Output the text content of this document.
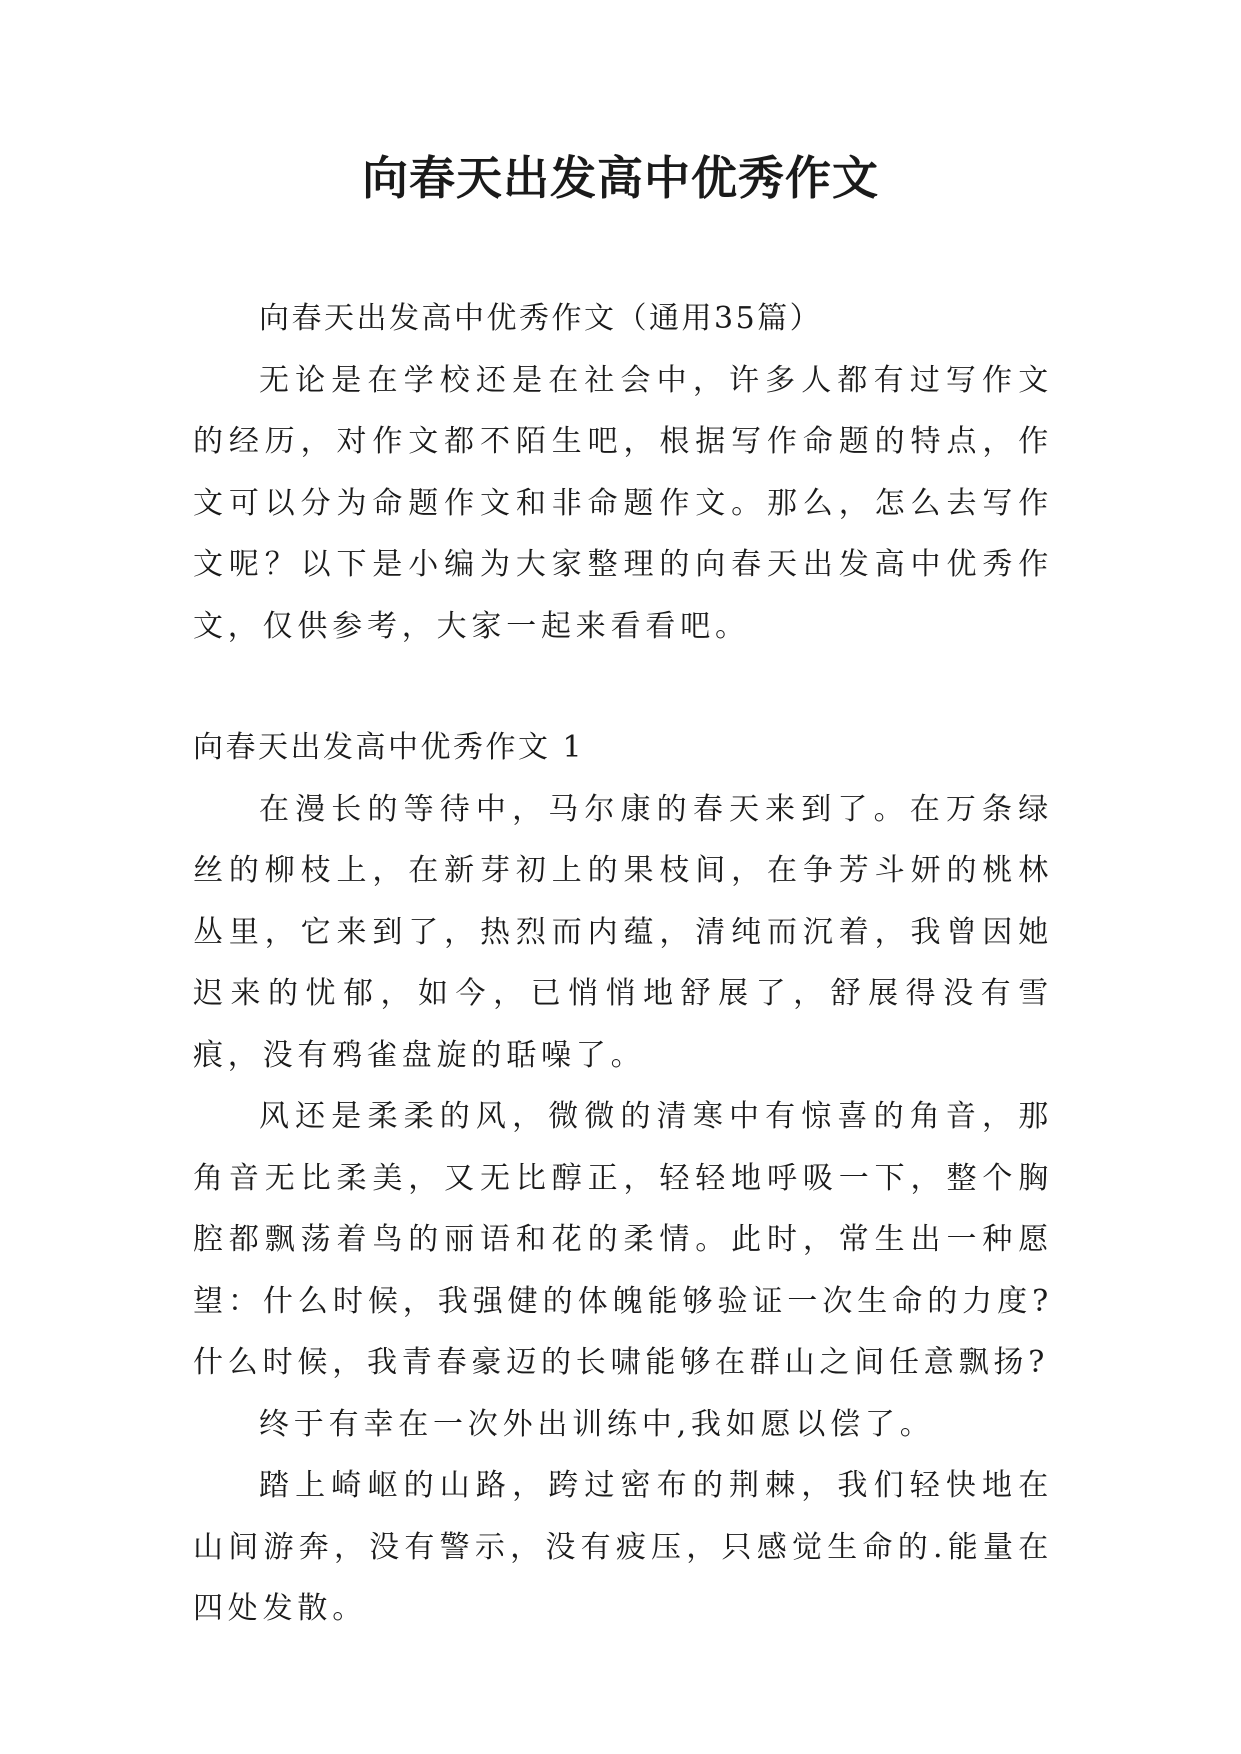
向春天出发高中优秀作文

向春天出发高中优秀作文（通用35篇）

无论是在学校还是在社会中，许多人都有过写作文的经历，对作文都不陌生吧，根据写作命题的特点，作文可以分为命题作文和非命题作文。那么，怎么去写作文呢？以下是小编为大家整理的向春天出发高中优秀作文，仅供参考，大家一起来看看吧。

向春天出发高中优秀作文 1

在漫长的等待中，马尔康的春天来到了。在万条绿丝的柳枝上，在新芽初上的果枝间，在争芳斗妍的桃林丛里，它来到了，热烈而内蕴，清纯而沉着，我曾因她迟来的忧郁，如今，已悄悄地舒展了，舒展得没有雪痕，没有鸦雀盘旋的聒噪了。

风还是柔柔的风，微微的清寒中有惊喜的角音，那角音无比柔美，又无比醇正，轻轻地呼吸一下，整个胸腔都飘荡着鸟的丽语和花的柔情。此时，常生出一种愿望：什么时候，我强健的体魄能够验证一次生命的力度?什么时候，我青春豪迈的长啸能够在群山之间任意飘扬?

终于有幸在一次外出训练中,我如愿以偿了。

踏上崎岖的山路，跨过密布的荆棘，我们轻快地在山间游奔，没有警示，没有疲压，只感觉生命的.能量在四处发散。
